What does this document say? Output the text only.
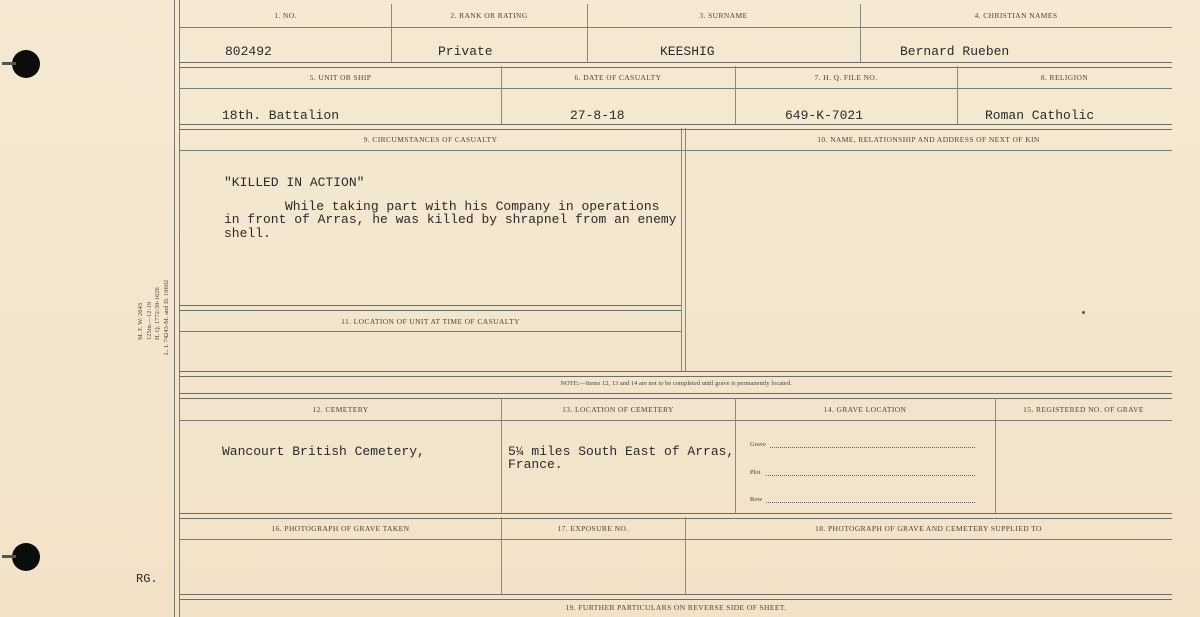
M. F. W. 2643 125m.—12-19 H. Q. 1772-39-1626 L. I. 74243-M. and D. 10602
RG.
1. NO.	2. RANK OR RATING	3. SURNAME	4. CHRISTIAN NAMES
802492	Private	KEESHIG	Bernard Rueben
5. UNIT OR SHIP	6. DATE OF CASUALTY	7. H. Q. FILE NO.	8. RELIGION
18th. Battalion	27-8-18	649-K-7021	Roman Catholic
9. CIRCUMSTANCES OF CASUALTY	10. NAME, RELATIONSHIP AND ADDRESS OF NEXT OF KIN
"KILLED IN ACTION"
While taking part with his Company in operations
in front of Arras, he was killed by shrapnel from an enemy
shell.
11. LOCATION OF UNIT AT TIME OF CASUALTY
NOTE:—Items 12, 13 and 14 are not to be completed until grave is permanently located.
12. CEMETERY	13. LOCATION OF CEMETERY	14. GRAVE LOCATION	15. REGISTERED NO. OF GRAVE
Wancourt British Cemetery,	5¼ miles South East of Arras,
France.
Grave
Plot
Row
16. PHOTOGRAPH OF GRAVE TAKEN	17. EXPOSURE NO.	18. PHOTOGRAPH OF GRAVE AND CEMETERY SUPPLIED TO
19. FURTHER PARTICULARS ON REVERSE SIDE OF SHEET.
